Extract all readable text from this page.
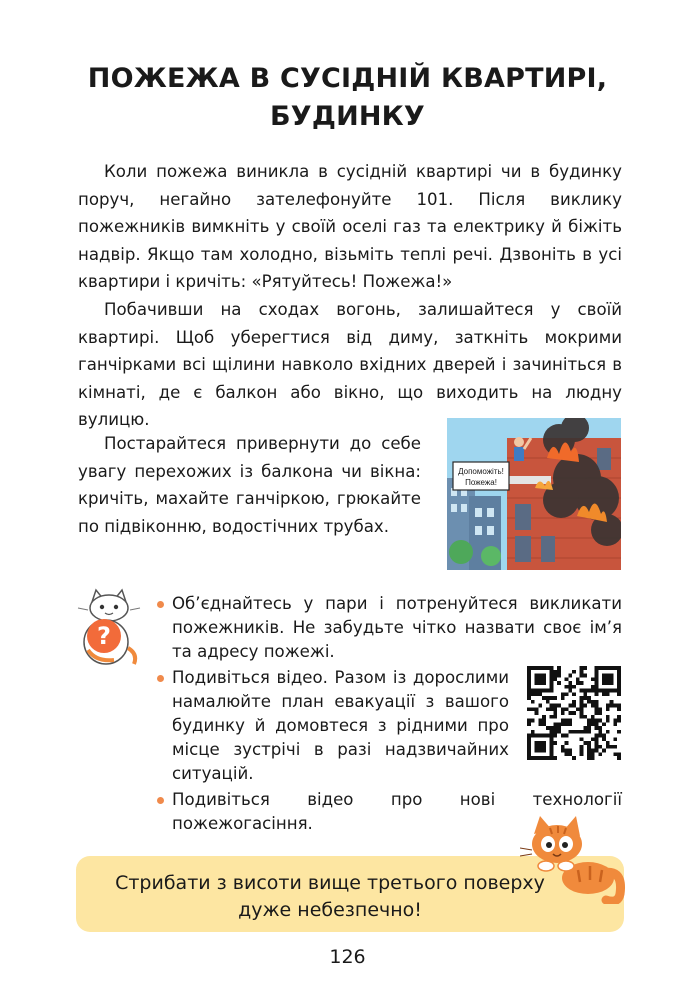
ПОЖЕЖА В СУСІДНІЙ КВАРТИРІ,
БУДИНКУ
Коли пожежа виникла в сусідній квартирі чи в будинку поруч, негайно зателефонуйте 101. Після виклику пожежників вимкніть у своїй оселі газ та електрику й біжіть надвір. Якщо там холодно, візьміть теплі речі. Дзвоніть в усі квартири і кричіть: «Рятуйтесь! Пожежа!»
Побачивши на сходах вогонь, залишайтеся у своїй квартирі. Щоб уберегтися від диму, заткніть мокрими ганчірками всі щілини навколо вхідних дверей і зачиніться в кімнаті, де є балкон або вікно, що виходить на людну вулицю.
Постарайтеся привернути до себе увагу перехожих із балкона чи вікна: кричіть, махайте ганчіркою, грюкайте по підвіконню, водостічних трубах.
Допоможіть!
Пожежа!
?
Об’єднайтесь у пари і потренуйтеся викликати пожежників. Не забудьте чітко назвати своє ім’я та адресу пожежі.
Подивіться відео. Разом із дорослими намалюйте план евакуації з вашого будинку й домовтеся з рідними про місце зустрічі в разі надзвичайних ситуацій.
Подивіться відео про нові технології пожежогасіння.
Стрибати з висоти вище третього поверху
дуже небезпечно!
126
